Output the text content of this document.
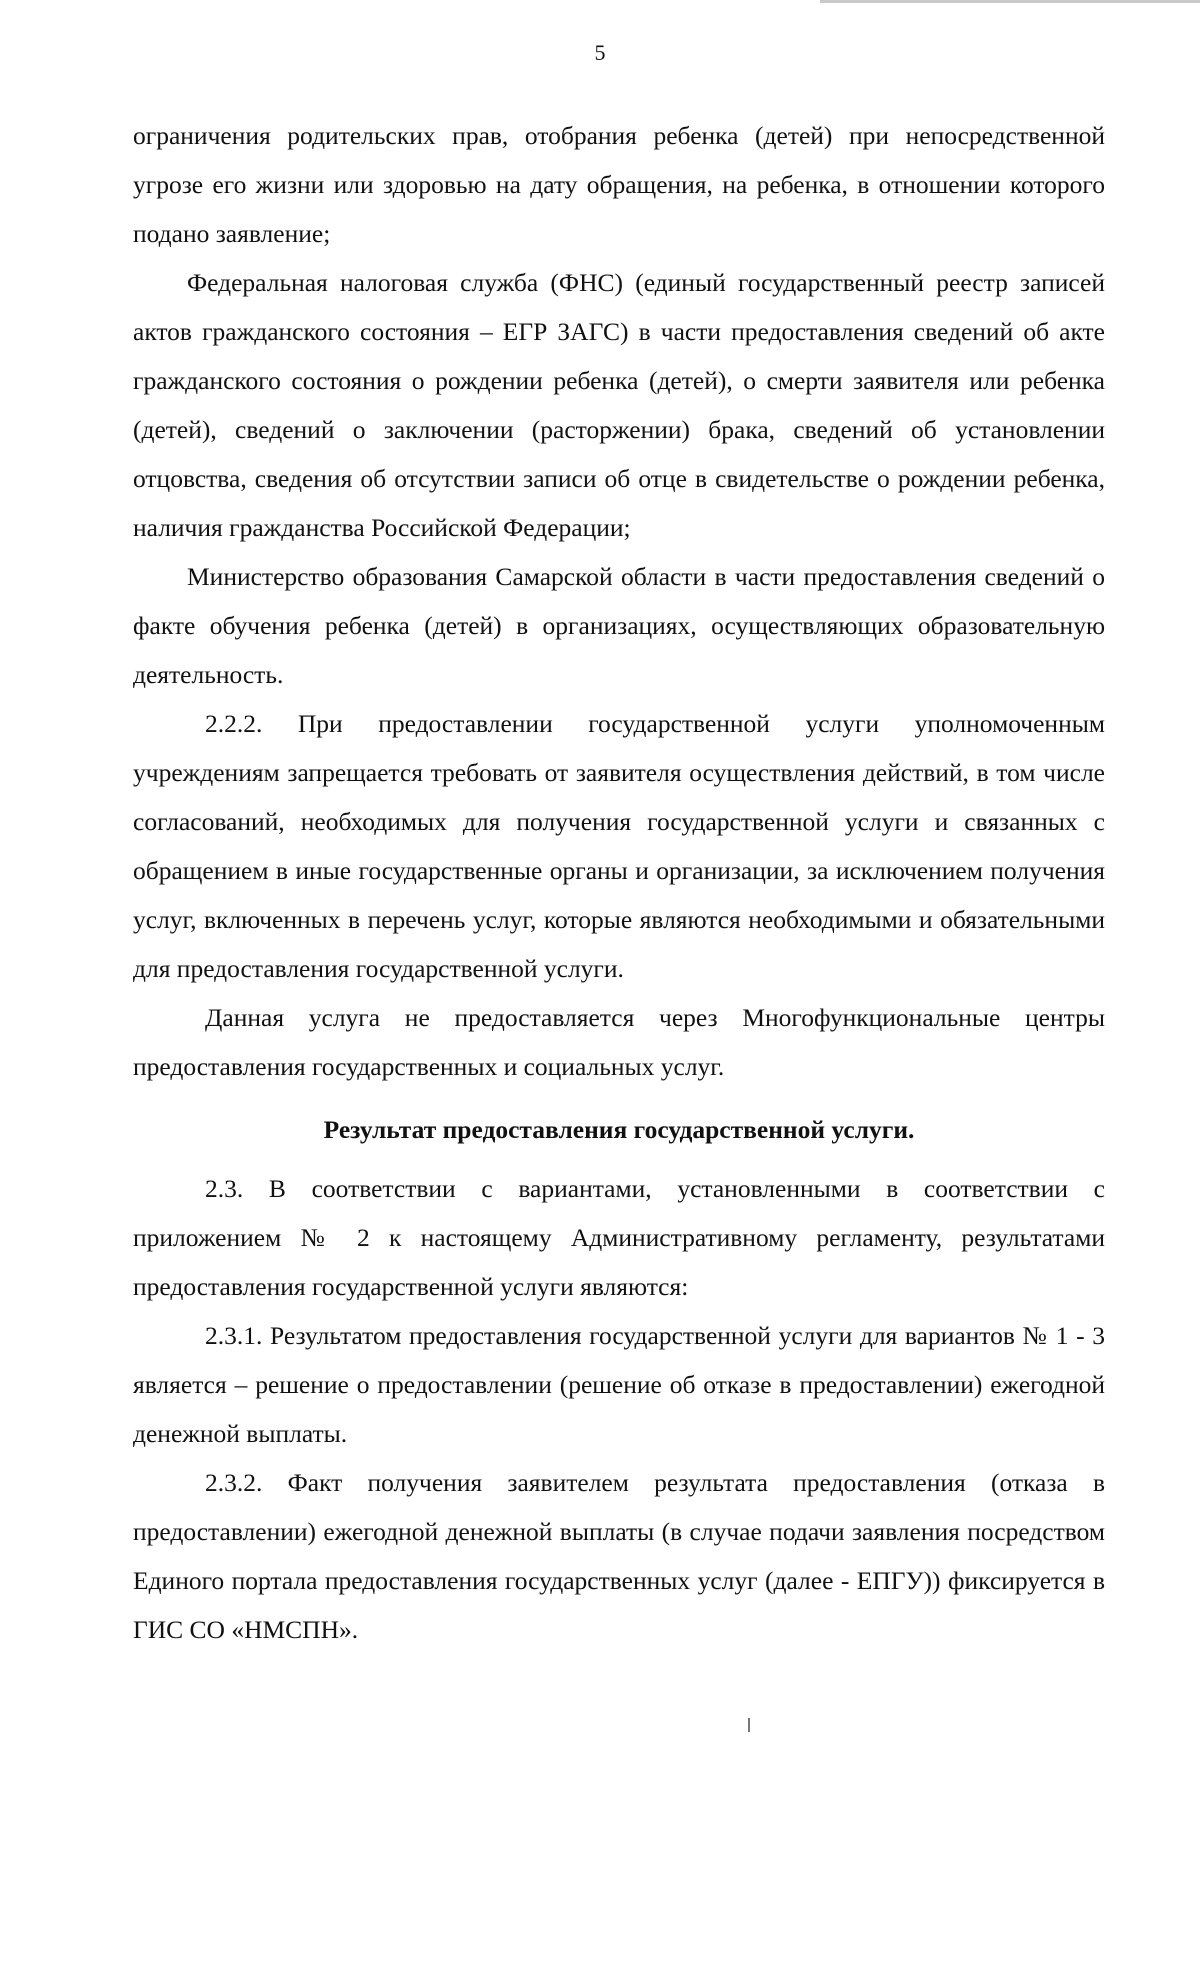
5

ограничения родительских прав, отобрания ребенка (детей) при непосредственной угрозе его жизни или здоровью на дату обращения, на ребенка, в отношении которого подано заявление;

Федеральная налоговая служба (ФНС) (единый государственный реестр записей актов гражданского состояния – ЕГР ЗАГС) в части предоставления сведений об акте гражданского состояния о рождении ребенка (детей), о смерти заявителя или ребенка (детей), сведений о заключении (расторжении) брака, сведений об установлении отцовства, сведения об отсутствии записи об отце в свидетельстве о рождении ребенка, наличия гражданства Российской Федерации;

Министерство образования Самарской области в части предоставления сведений о факте обучения ребенка (детей) в организациях, осуществляющих образовательную деятельность.

2.2.2. При предоставлении государственной услуги уполномоченным учреждениям запрещается требовать от заявителя осуществления действий, в том числе согласований, необходимых для получения государственной услуги и связанных с обращением в иные государственные органы и организации, за исключением получения услуг, включенных в перечень услуг, которые являются необходимыми и обязательными для предоставления государственной услуги.

Данная услуга не предоставляется через Многофункциональные центры предоставления государственных и социальных услуг.

Результат предоставления государственной услуги.

2.3. В соответствии с вариантами, установленными в соответствии с приложением № 2 к настоящему Административному регламенту, результатами предоставления государственной услуги являются:

2.3.1. Результатом предоставления государственной услуги для вариантов № 1 - 3 является – решение о предоставлении (решение об отказе в предоставлении) ежегодной денежной выплаты.

2.3.2. Факт получения заявителем результата предоставления (отказа в предоставлении) ежегодной денежной выплаты (в случае подачи заявления посредством Единого портала предоставления государственных услуг (далее - ЕПГУ)) фиксируется в ГИС СО «НМСПН».
